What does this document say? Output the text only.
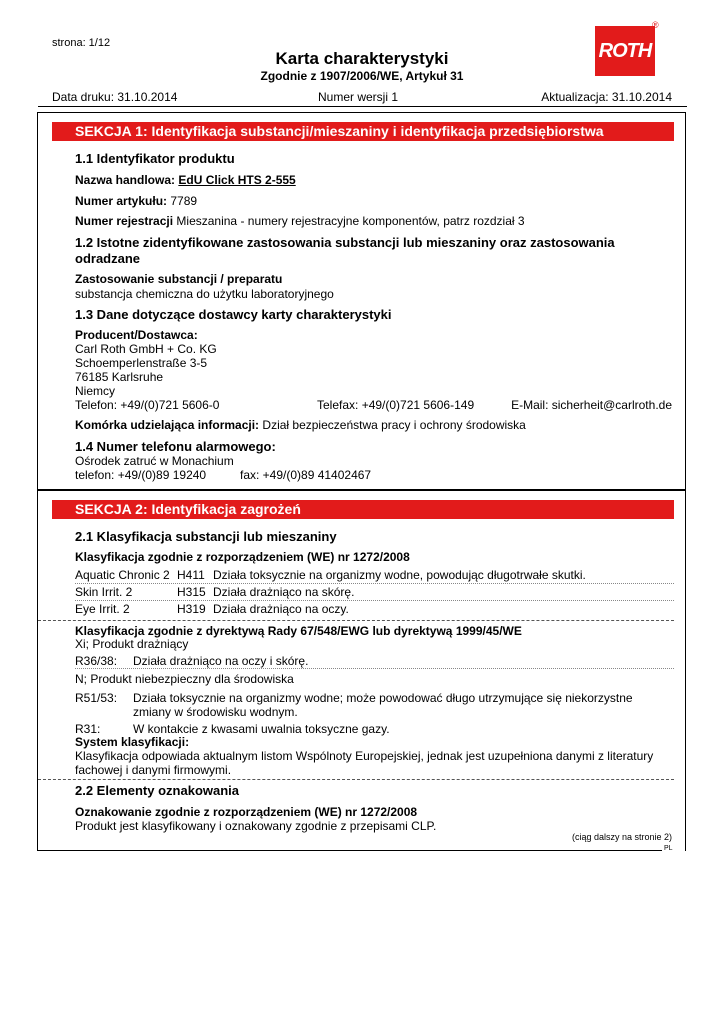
strona: 1/12
Karta charakterystyki
Zgodnie z 1907/2006/WE, Artykuł 31
ROTH
®
Data druku: 31.10.2014	Numer wersji 1	Aktualizacja: 31.10.2014
SEKCJA 1: Identyfikacja substancji/mieszaniny i identyfikacja przedsiębiorstwa
1.1 Identyfikator produktu
Nazwa handlowa: EdU Click HTS 2-555
Numer artykułu: 7789
Numer rejestracji Mieszanina - numery rejestracyjne komponentów, patrz rozdział 3
1.2 Istotne zidentyfikowane zastosowania substancji lub mieszaniny oraz zastosowania
odradzane
Zastosowanie substancji / preparatu
substancja chemiczna do użytku laboratoryjnego
1.3 Dane dotyczące dostawcy karty charakterystyki
Producent/Dostawca:
Carl Roth GmbH + Co. KG
Schoemperlenstraße 3-5
76185 Karlsruhe
Niemcy
Telefon: +49/(0)721 5606-0	Telefax: +49/(0)721 5606-149	E-Mail: sicherheit@carlroth.de
Komórka udzielająca informacji: Dział bezpieczeństwa pracy i ochrony środowiska
1.4 Numer telefonu alarmowego:
Ośrodek zatruć w Monachium
telefon: +49/(0)89 19240	fax: +49/(0)89 41402467
SEKCJA 2: Identyfikacja zagrożeń
2.1 Klasyfikacja substancji lub mieszaniny
Klasyfikacja zgodnie z rozporządzeniem (WE) nr 1272/2008
Aquatic Chronic 2 H411 Działa toksycznie na organizmy wodne, powodując długotrwałe skutki.
Skin Irrit. 2	H315 Działa drażniąco na skórę.
Eye Irrit. 2	H319 Działa drażniąco na oczy.
Klasyfikacja zgodnie z dyrektywą Rady 67/548/EWG lub dyrektywą 1999/45/WE
Xi; Produkt drażniący
R36/38: Działa drażniąco na oczy i skórę.
N; Produkt niebezpieczny dla środowiska
R51/53: Działa toksycznie na organizmy wodne; może powodować długo utrzymujące się niekorzystne
zmiany w środowisku wodnym.
R31:	W kontakcie z kwasami uwalnia toksyczne gazy.
System klasyfikacji:
Klasyfikacja odpowiada aktualnym listom Wspólnoty Europejskiej, jednak jest uzupełniona danymi z literatury
fachowej i danymi firmowymi.
2.2 Elementy oznakowania
Oznakowanie zgodnie z rozporządzeniem (WE) nr 1272/2008
Produkt jest klasyfikowany i oznakowany zgodnie z przepisami CLP.
(ciąg dalszy na stronie 2)
PL
